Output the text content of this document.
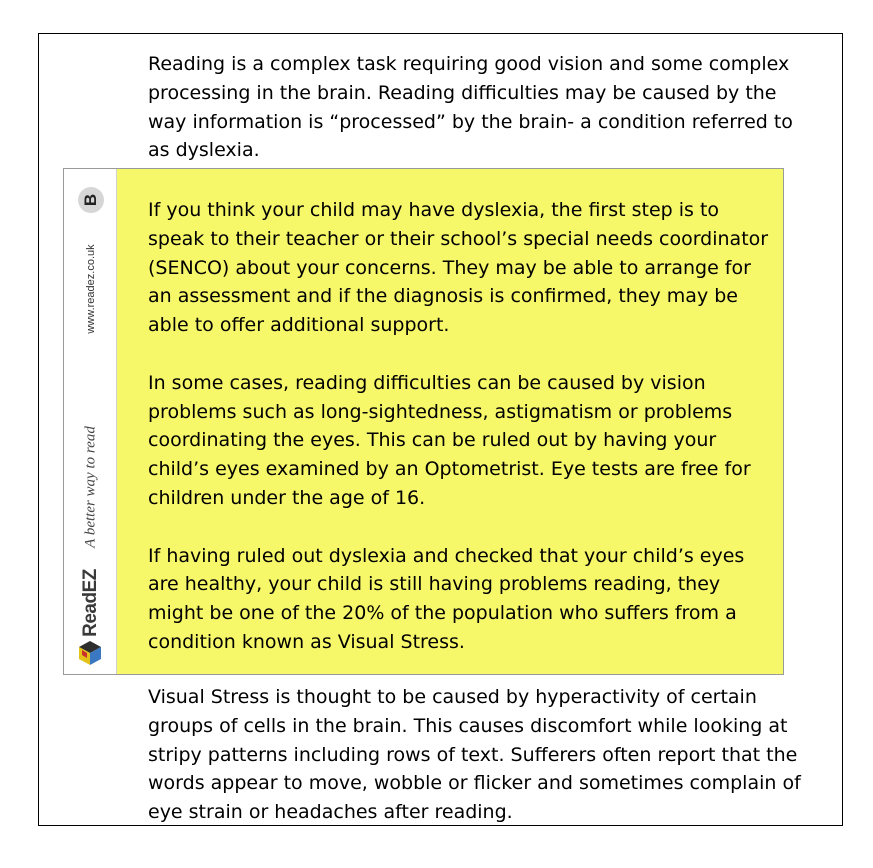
Reading is a complex task requiring good vision and some complex processing in the brain. Reading difficulties may be caused by the way information is “processed” by the brain- a condition referred to as dyslexia.

B
www.readez.co.uk
A better way to read
ReadEZ

If you think your child may have dyslexia, the first step is to speak to their teacher or their school’s special needs coordinator (SENCO) about your concerns. They may be able to arrange for an assessment and if the diagnosis is confirmed, they may be able to offer additional support.

In some cases, reading difficulties can be caused by vision problems such as long-sightedness, astigmatism or problems coordinating the eyes. This can be ruled out by having your child’s eyes examined by an Optometrist. Eye tests are free for children under the age of 16.

If having ruled out dyslexia and checked that your child’s eyes are healthy, your child is still having problems reading, they might be one of the 20% of the population who suffers from a condition known as Visual Stress.

Visual Stress is thought to be caused by hyperactivity of certain groups of cells in the brain. This causes discomfort while looking at stripy patterns including rows of text. Sufferers often report that the words appear to move, wobble or flicker and sometimes complain of eye strain or headaches after reading.
